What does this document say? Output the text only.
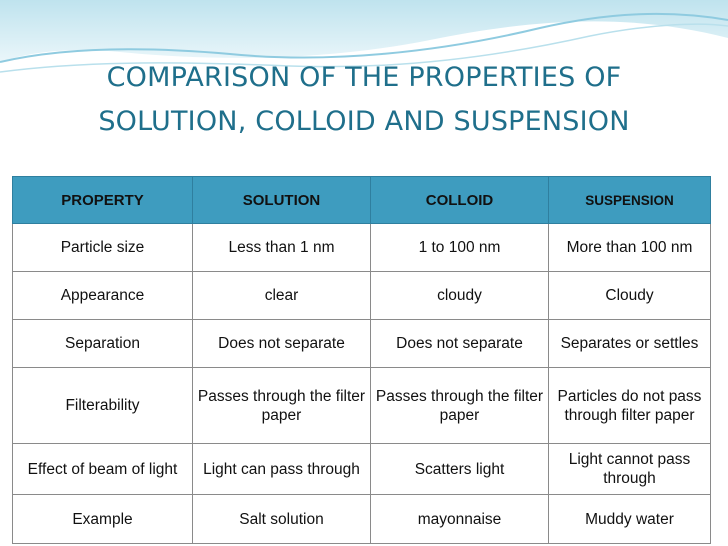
COMPARISON OF THE PROPERTIES OF
SOLUTION, COLLOID AND SUSPENSION
PROPERTY	SOLUTION	COLLOID	SUSPENSION
Particle size	Less than 1 nm	1 to 100 nm	More than 100 nm
Appearance	clear	cloudy	Cloudy
Separation	Does not separate	Does not separate	Separates or settles
Filterability	Passes through the filter paper	Passes through the filter paper	Particles do not pass through filter paper
Effect of beam of light	Light can pass through	Scatters light	Light cannot pass through
Example	Salt solution	mayonnaise	Muddy water
